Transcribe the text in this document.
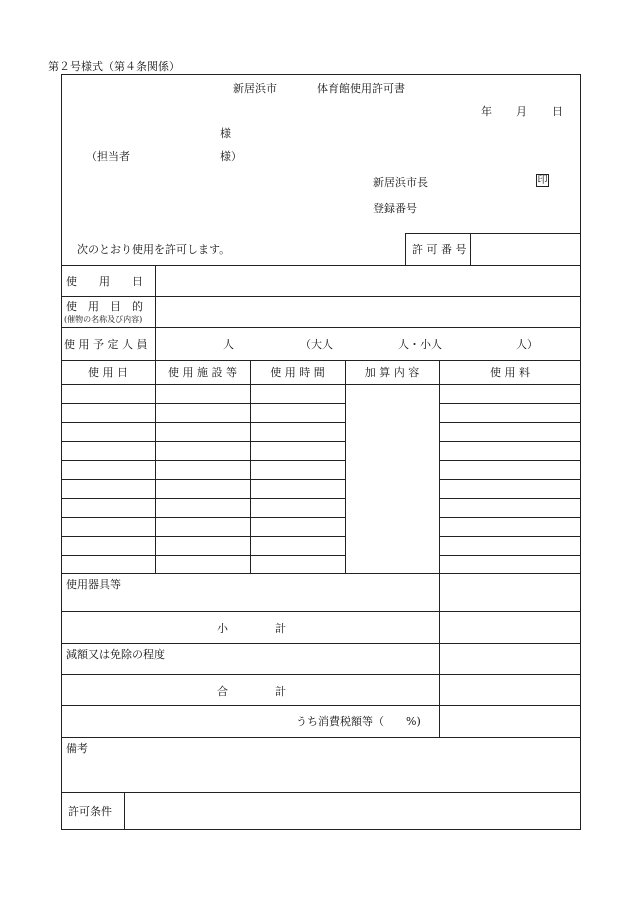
第２号様式（第４条関係）
新居浜市	体育館使用許可書
年 月 日
様
（担当者	様）
新居浜市長	印
登録番号
次のとおり使用を許可します。	許 可 番 号
使　　用　　日
使　用　目　的
(催物の名称及び内容)
使 用 予 定 人 員	人	（大人	人・小人	人）
使 用 日	使 用 施 設 等	使 用 時 間	加 算 内 容	使 用 料
使用器具等
小	計
減額又は免除の程度
合	計
うち消費税額等（　　%)
備考
許可条件
